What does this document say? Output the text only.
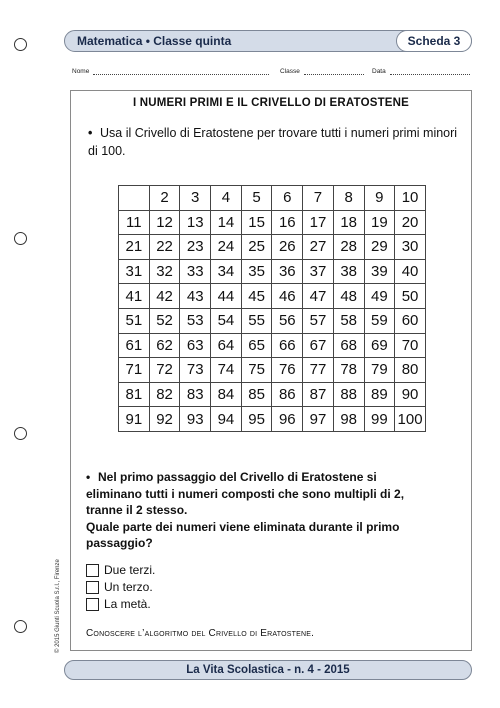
Matematica • Classe quinta	Scheda 3
Nome	Classe	Data
I NUMERI PRIMI E IL CRIVELLO DI ERATOSTENE
• Usa il Crivello di Eratostene per trovare tutti i numeri primi minori di 100.
	2	3	4	5	6	7	8	9	10
11	12	13	14	15	16	17	18	19	20
21	22	23	24	25	26	27	28	29	30
31	32	33	34	35	36	37	38	39	40
41	42	43	44	45	46	47	48	49	50
51	52	53	54	55	56	57	58	59	60
61	62	63	64	65	66	67	68	69	70
71	72	73	74	75	76	77	78	79	80
81	82	83	84	85	86	87	88	89	90
91	92	93	94	95	96	97	98	99	100
• Nel primo passaggio del Crivello di Eratostene si
eliminano tutti i numeri composti che sono multipli di 2,
tranne il 2 stesso.
Quale parte dei numeri viene eliminata durante il primo
passaggio?
Due terzi.
Un terzo.
La metà.
Conoscere l’algoritmo del Crivello di Eratostene.
© 2015 Giunti Scuola S.r.l., Firenze
La Vita Scolastica - n. 4 - 2015
